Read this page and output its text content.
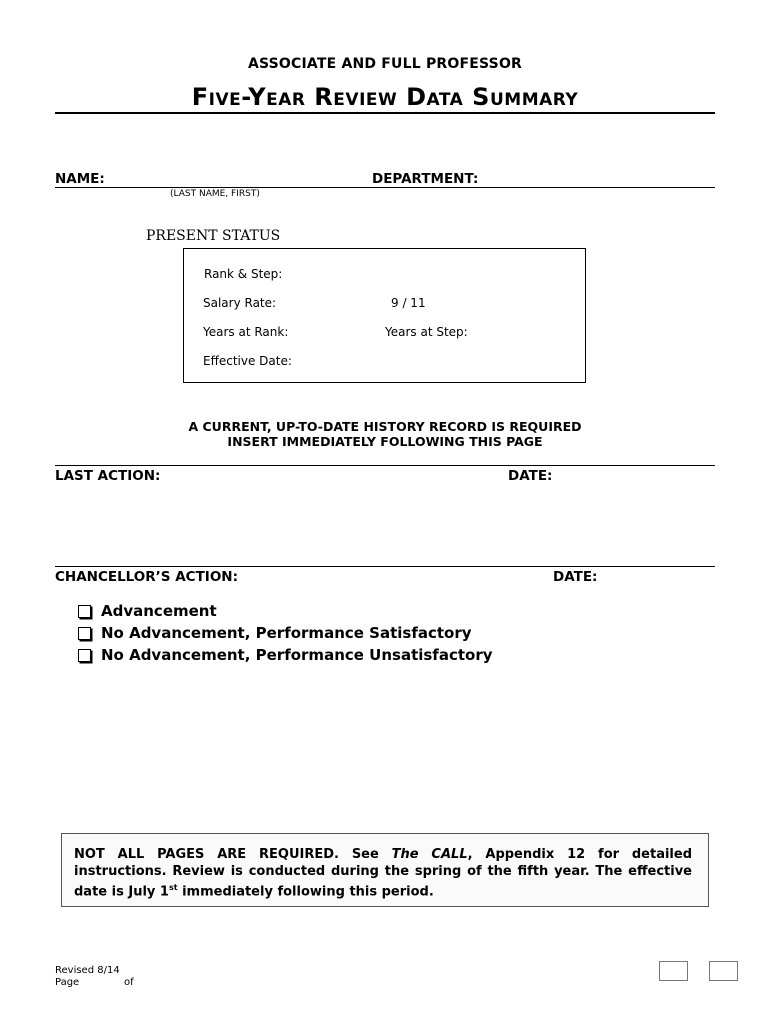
ASSOCIATE AND FULL PROFESSOR
FIVE-YEAR REVIEW DATA SUMMARY
NAME:	DEPARTMENT:
(LAST NAME, FIRST)
PRESENT STATUS
Rank & Step:
Salary Rate:	9 / 11
Years at Rank:	Years at Step:
Effective Date:
A CURRENT, UP-TO-DATE HISTORY RECORD IS REQUIRED
INSERT IMMEDIATELY FOLLOWING THIS PAGE
LAST ACTION:	DATE:
CHANCELLOR’S ACTION:	DATE:
Advancement
No Advancement, Performance Satisfactory
No Advancement, Performance Unsatisfactory
NOT ALL PAGES ARE REQUIRED. See The CALL, Appendix 12 for detailed instructions. Review is conducted during the spring of the fifth year. The effective date is July 1st immediately following this period.
Revised 8/14
Page	of
